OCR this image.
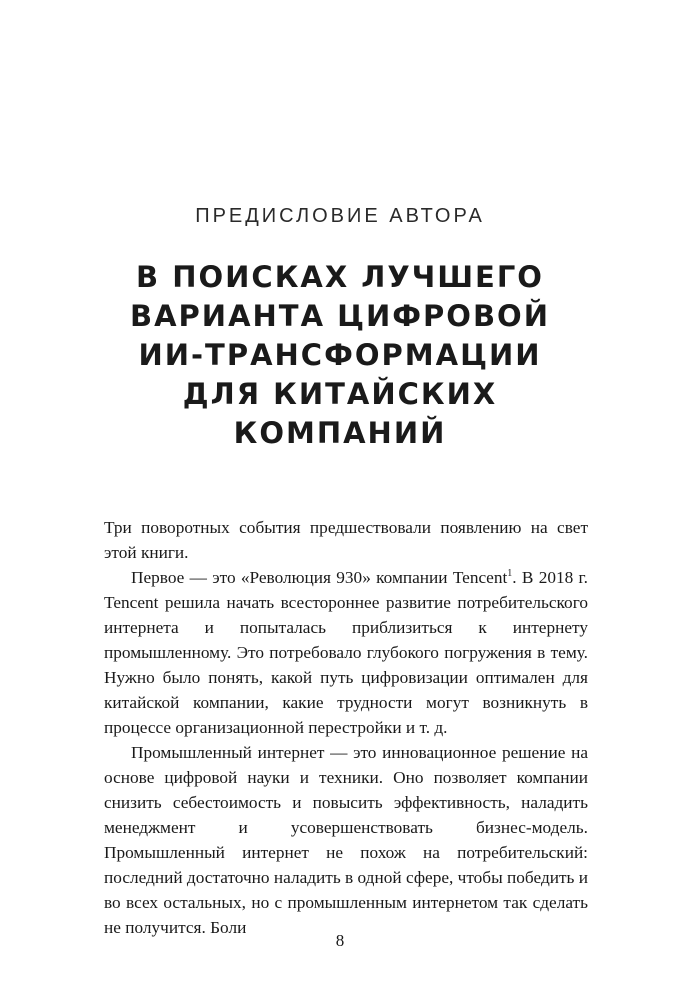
ПРЕДИСЛОВИЕ АВТОРА
В ПОИСКАХ ЛУЧШЕГО
ВАРИАНТА ЦИФРОВОЙ
ИИ-ТРАНСФОРМАЦИИ
ДЛЯ КИТАЙСКИХ
КОМПАНИЙ

Три поворотных события предшествовали появлению на свет этой книги.

Первое — это «Революция 930» компании Tencent$^1$. В 2018 г. Tencent решила начать всестороннее развитие потребительского интернета и попыталась приблизиться к интернету промышленному. Это потребовало глубокого погружения в тему. Нужно было понять, какой путь цифровизации оптимален для китайской компании, какие трудности могут возникнуть в процессе организационной перестройки и т. д.

Промышленный интернет — это инновационное решение на основе цифровой науки и техники. Оно позволяет компании снизить себестоимость и повысить эффективность, наладить менеджмент и усовершенствовать бизнес-модель. Промышленный интернет не похож на потребительский: последний достаточно наладить в одной сфере, чтобы победить и во всех остальных, но с промышленным интернетом так сделать не получится. Боли

8
